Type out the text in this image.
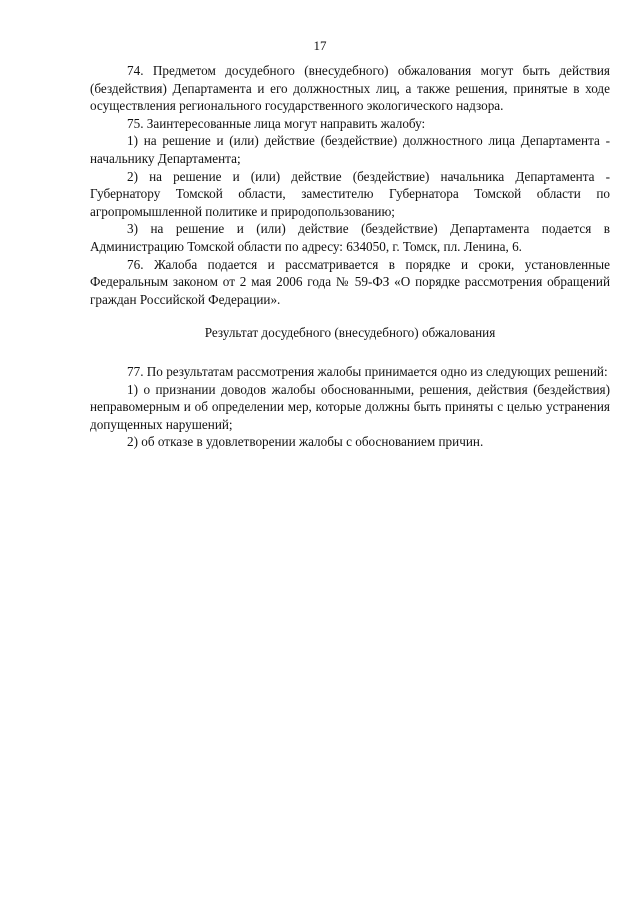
17

74. Предметом досудебного (внесудебного) обжалования могут быть действия (бездействия) Департамента и его должностных лиц, а также решения, принятые в ходе осуществления регионального государственного экологического надзора.

75. Заинтересованные лица могут направить жалобу:

1) на решение и (или) действие (бездействие) должностного лица Департамента - начальнику Департамента;

2) на решение и (или) действие (бездействие) начальника Департамента - Губернатору Томской области, заместителю Губернатора Томской области по агропромышленной политике и природопользованию;

3) на решение и (или) действие (бездействие) Департамента подается в Администрацию Томской области по адресу: 634050, г. Томск, пл. Ленина, 6.

76. Жалоба подается и рассматривается в порядке и сроки, установленные Федеральным законом от 2 мая 2006 года № 59-ФЗ «О порядке рассмотрения обращений граждан Российской Федерации».

Результат досудебного (внесудебного) обжалования

77. По результатам рассмотрения жалобы принимается одно из следующих решений:

1) о признании доводов жалобы обоснованными, решения, действия (бездействия) неправомерным и об определении мер, которые должны быть приняты с целью устранения допущенных нарушений;

2) об отказе в удовлетворении жалобы с обоснованием причин.
